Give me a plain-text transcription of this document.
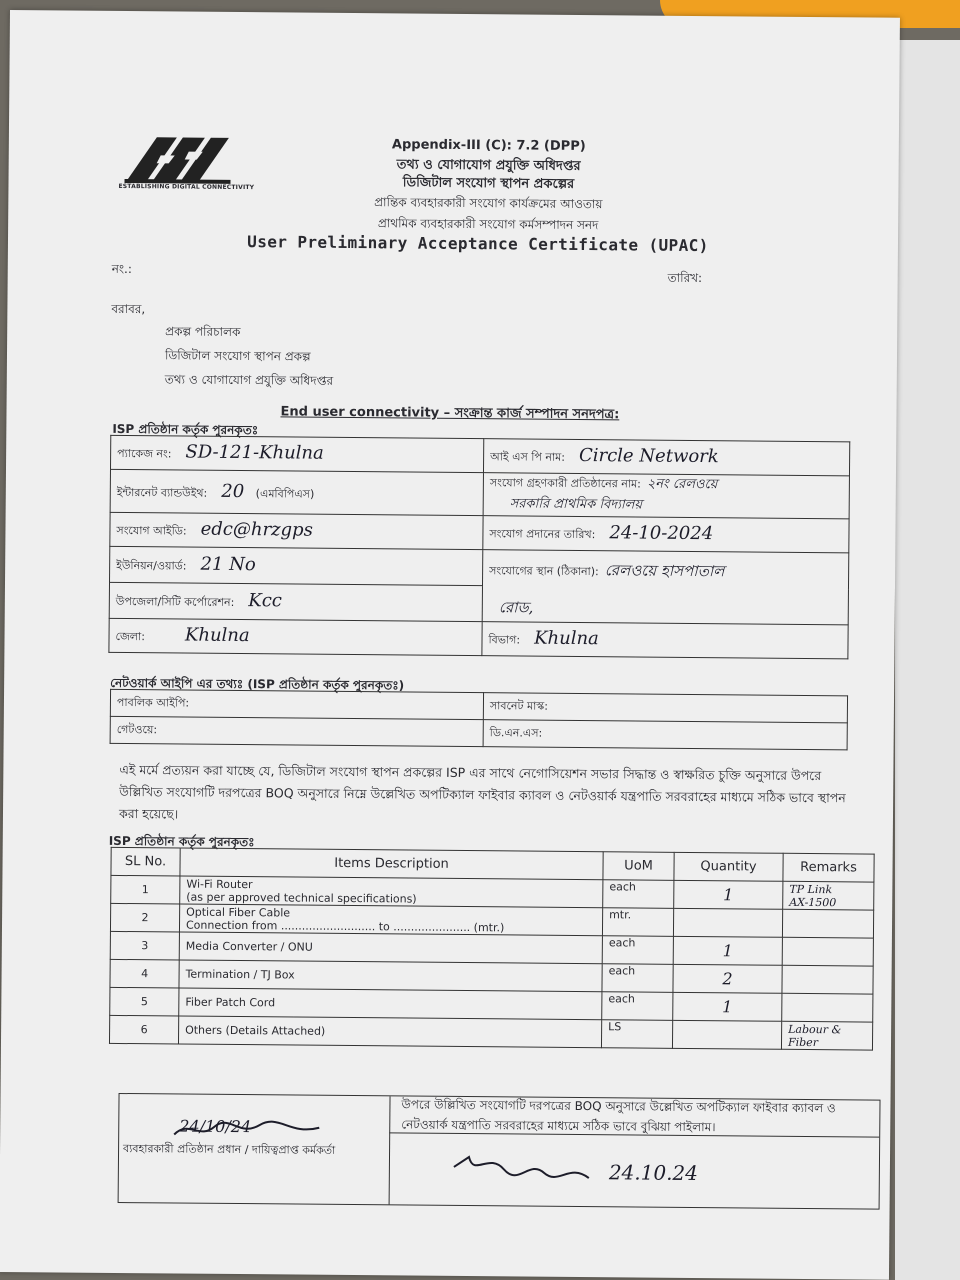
ESTABLISHING DIGITAL CONNECTIVITY
Appendix-III (C): 7.2 (DPP)
তথ্য ও যোগাযোগ প্রযুক্তি অধিদপ্তর
ডিজিটাল সংযোগ স্থাপন প্রকল্পের
প্রান্তিক ব্যবহারকারী সংযোগ কার্যক্রমের আওতায়
প্রাথমিক ব্যবহারকারী সংযোগ কর্মসম্পাদন সনদ
User Preliminary Acceptance Certificate (UPAC)
নং.:
তারিখ:
বরাবর,
প্রকল্প পরিচালক
ডিজিটাল সংযোগ স্থাপন প্রকল্প
তথ্য ও যোগাযোগ প্রযুক্তি অধিদপ্তর
End user connectivity – সংক্রান্ত কার্জ সম্পাদন সনদপত্র:
ISP প্রতিষ্ঠান কর্তৃক পুরনকৃতঃ
প্যাকেজ নং: SD-121-Khulna	আই এস পি নাম: Circle Network
ইন্টারনেট ব্যান্ডউইথ: 20 (এমবিপিএস)	সংযোগ গ্রহণকারী প্রতিষ্ঠানের নাম: ২নং রেলওয়ে
সরকারি প্রাথমিক বিদ্যালয়
সংযোগ আইডি: edc@hrzgps	সংযোগ প্রদানের তারিখ: 24-10-2024
ইউনিয়ন/ওয়ার্ড: 21 No	সংযোগের স্থান (ঠিকানা): রেলওয়ে হাসপাতাল

রোড,
উপজেলা/সিটি কর্পোরেশন: Kcc	
জেলা: Khulna	বিভাগ: Khulna
নেটওয়ার্ক আইপি এর তথ্যঃ (ISP প্রতিষ্ঠান কর্তৃক পুরনকৃতঃ)
পাবলিক আইপি:	সাবনেট মাস্ক:
গেটওয়ে:	ডি.এন.এস:
এই মর্মে প্রত্যয়ন করা যাচ্ছে যে, ডিজিটাল সংযোগ স্থাপন প্রকল্পের ISP এর সাথে নেগোসিয়েশন সভার সিদ্ধান্ত ও স্বাক্ষরিত চুক্তি অনুসারে উপরে উল্লিখিত সংযোগটি দরপত্রের BOQ অনুসারে নিম্নে উল্লেখিত অপটিক্যাল ফাইবার ক্যাবল ও নেটওয়ার্ক যন্ত্রপাতি সরবরাহের মাধ্যমে সঠিক ভাবে স্থাপন করা হয়েছে।
ISP প্রতিষ্ঠান কর্তৃক পুরনকৃতঃ
SL No.	Items Description	UoM	Quantity	Remarks
1	Wi-Fi Router
(as per approved technical specifications)	each	1	TP Link
AX-1500
2	Optical Fiber Cable
Connection from ........................... to ...................... (mtr.)	mtr.		

3	Media Converter / ONU	each	1	

4	Termination / TJ Box	each	2	

5	Fiber Patch Cord	each	1	

6	Others (Details Attached)	LS		Labour & Fiber

উপরে উল্লিখিত সংযোগটি দরপত্রের BOQ অনুসারে উল্লেখিত অপটিক্যাল ফাইবার ক্যাবল ও নেটওয়ার্ক যন্ত্রপাতি সরবরাহের মাধ্যমে সঠিক ভাবে বুঝিয়া পাইলাম।
24/10/24
ব্যবহারকারী প্রতিষ্ঠান প্রধান / দায়িত্বপ্রাপ্ত কর্মকর্তা
24.10.24
